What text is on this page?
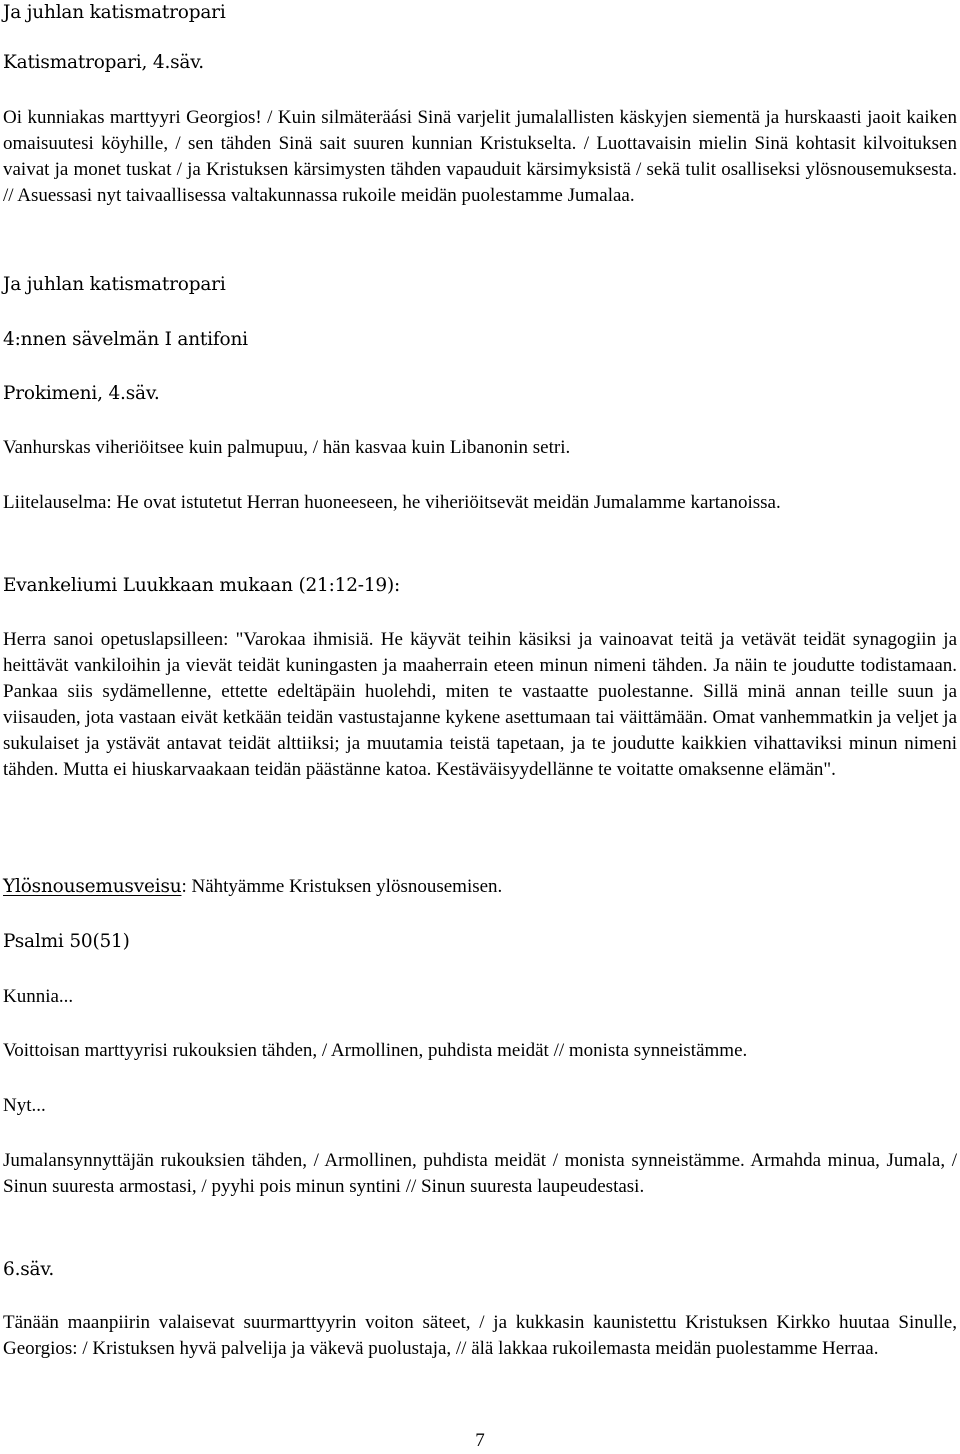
Ja juhlan katismatropari

Katismatropari, 4.säv.

Oi kunniakas marttyyri Georgios! / Kuin silmäteräási Sinä varjelit jumalallisten käskyjen siementä ja hurskaasti jaoit kaiken omaisuutesi köyhille, / sen tähden Sinä sait suuren kunnian Kristukselta. / Luottavaisin mielin Sinä kohtasit kilvoituksen vaivat ja monet tuskat / ja Kristuksen kärsimysten tähden vapauduit kärsimyksistä / sekä tulit osalliseksi ylösnousemuksesta. // Asuessasi nyt taivaallisessa valtakunnassa rukoile meidän puolestamme Jumalaa.

Ja juhlan katismatropari

4:nnen sävelmän I antifoni

Prokimeni, 4.säv.

Vanhurskas viheriöitsee kuin palmupuu, / hän kasvaa kuin Libanonin setri.

Liitelauselma: He ovat istutetut Herran huoneeseen, he viheriöitsevät meidän Jumalamme kartanoissa.

Evankeliumi Luukkaan mukaan (21:12-19):

Herra sanoi opetuslapsilleen: "Varokaa ihmisiä. He käyvät teihin käsiksi ja vainoavat teitä ja vetävät teidät synagogiin ja heittävät vankiloihin ja vievät teidät kuningasten ja maaherrain eteen minun nimeni tähden. Ja näin te joudutte todistamaan. Pankaa siis sydämellenne, ettette edeltäpäin huolehdi, miten te vastaatte puolestanne. Sillä minä annan teille suun ja viisauden, jota vastaan eivät ketkään teidän vastustajanne kykene asettumaan tai väittämään. Omat vanhemmatkin ja veljet ja sukulaiset ja ystävät antavat teidät alttiiksi; ja muutamia teistä tapetaan, ja te joudutte kaikkien vihattaviksi minun nimeni tähden. Mutta ei hiuskarvaakaan teidän päästänne katoa. Kestäväisyydellänne te voitatte omaksenne elämän".

Ylösnousemusveisu: Nähtyämme Kristuksen ylösnousemisen.

Psalmi 50(51)

Kunnia...

Voittoisan marttyyrisi rukouksien tähden, / Armollinen, puhdista meidät // monista synneistämme.

Nyt...

Jumalansynnyttäjän rukouksien tähden, / Armollinen, puhdista meidät / monista synneistämme. Armahda minua, Jumala, / Sinun suuresta armostasi, / pyyhi pois minun syntini // Sinun suuresta laupeudestasi.

6.säv.

Tänään maanpiirin valaisevat suurmarttyyrin voiton säteet, / ja kukkasin kaunistettu Kristuksen Kirkko huutaa Sinulle, Georgios: / Kristuksen hyvä palvelija ja väkevä puolustaja, // älä lakkaa rukoilemasta meidän puolestamme Herraa.

7
